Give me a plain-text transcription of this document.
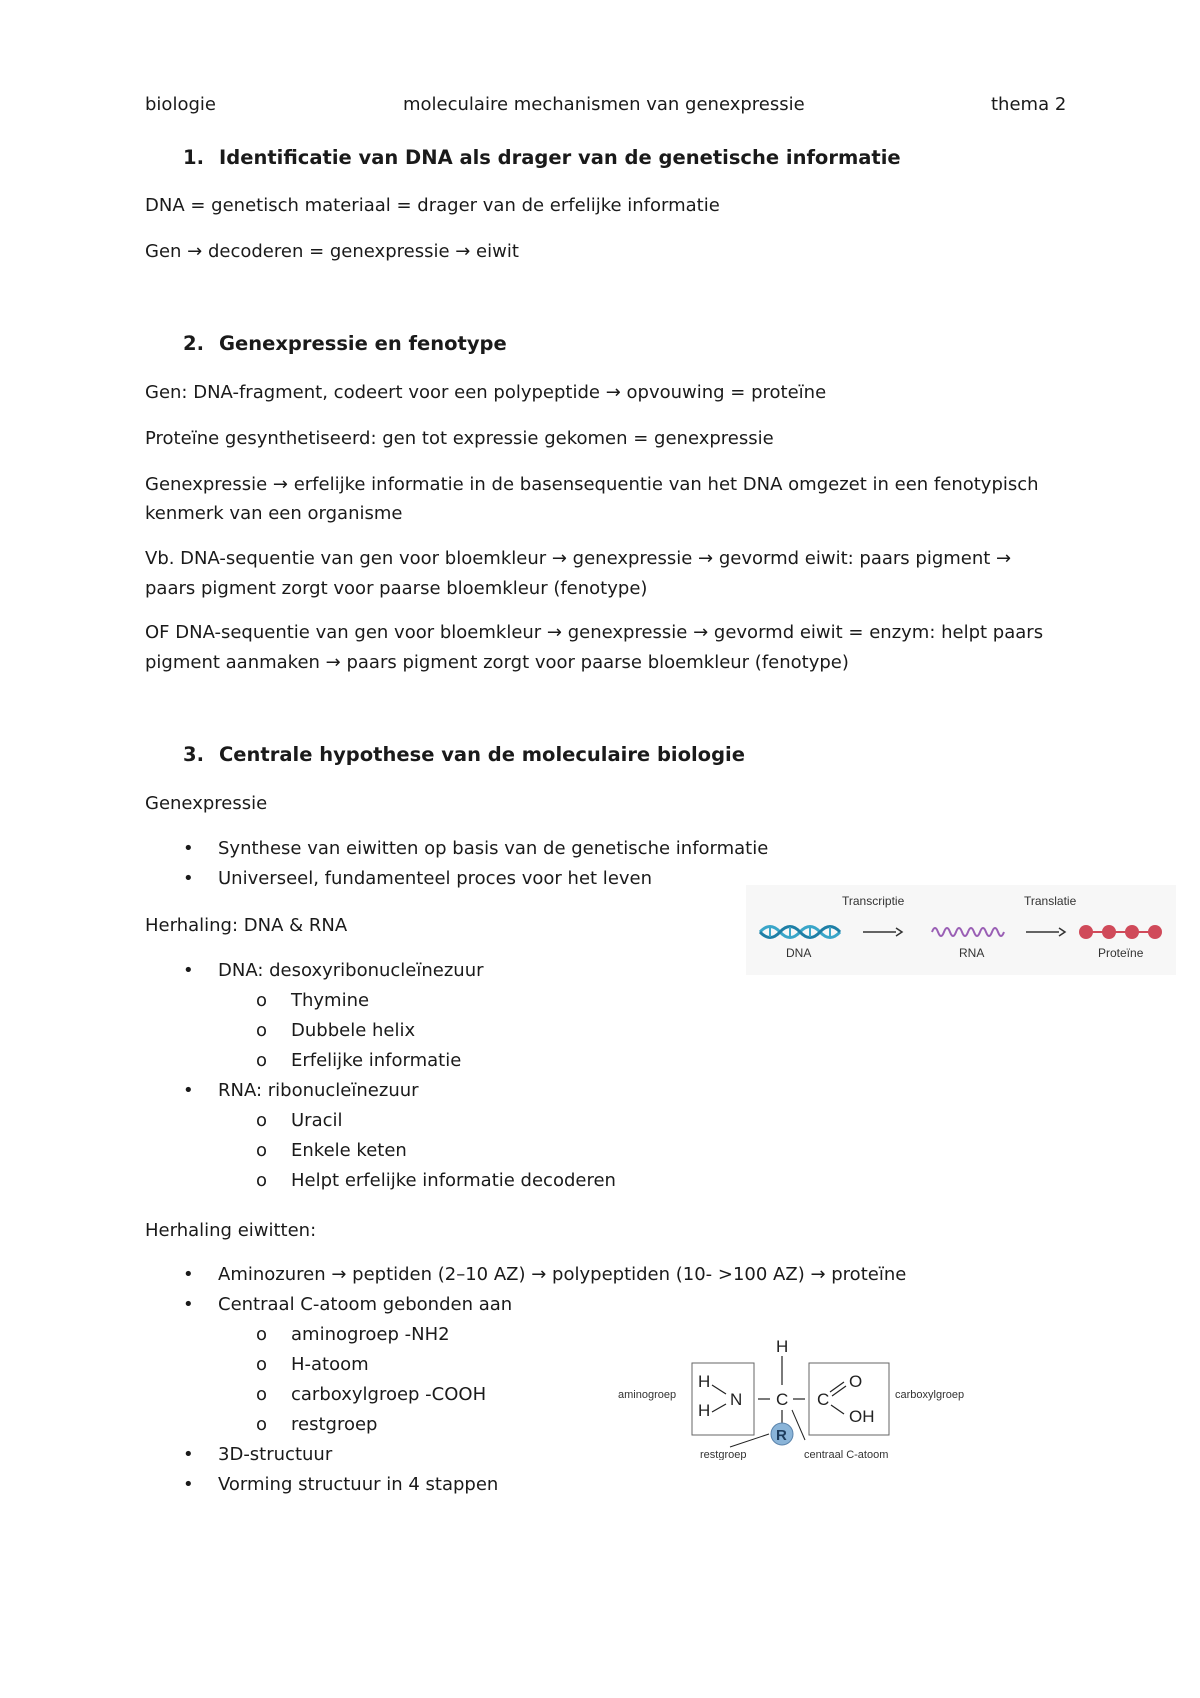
biologie	moleculaire mechanismen van genexpressie	thema 2
1. Identificatie van DNA als drager van de genetische informatie
DNA = genetisch materiaal = drager van de erfelijke informatie
Gen → decoderen = genexpressie → eiwit
2. Genexpressie en fenotype
Gen: DNA-fragment, codeert voor een polypeptide → opvouwing = proteïne
Proteïne gesynthetiseerd: gen tot expressie gekomen = genexpressie
Genexpressie → erfelijke informatie in de basensequentie van het DNA omgezet in een fenotypisch
kenmerk van een organisme
Vb. DNA-sequentie van gen voor bloemkleur → genexpressie → gevormd eiwit: paars pigment →
paars pigment zorgt voor paarse bloemkleur (fenotype)
OF DNA-sequentie van gen voor bloemkleur → genexpressie → gevormd eiwit = enzym: helpt paars
pigment aanmaken → paars pigment zorgt voor paarse bloemkleur (fenotype)
3. Centrale hypothese van de moleculaire biologie
Genexpressie
• Synthese van eiwitten op basis van de genetische informatie
• Universeel, fundamenteel proces voor het leven
Herhaling: DNA & RNA
• DNA: desoxyribonucleïnezuur
o Thymine
o Dubbele helix
o Erfelijke informatie
• RNA: ribonucleïnezuur
o Uracil
o Enkele keten
o Helpt erfelijke informatie decoderen
Herhaling eiwitten:
• Aminozuren → peptiden (2–10 AZ) → polypeptiden (10- >100 AZ) → proteïne
• Centraal C-atoom gebonden aan
o aminogroep -NH2
o H-atoom
o carboxylgroep -COOH
o restgroep
• 3D-structuur
• Vorming structuur in 4 stappen
Transcriptie	Translatie
DNA	RNA	Proteïne
aminogroep
H
H
N
H
C
R
C
O
OH
carboxylgroep
restgroep	centraal C-atoom
